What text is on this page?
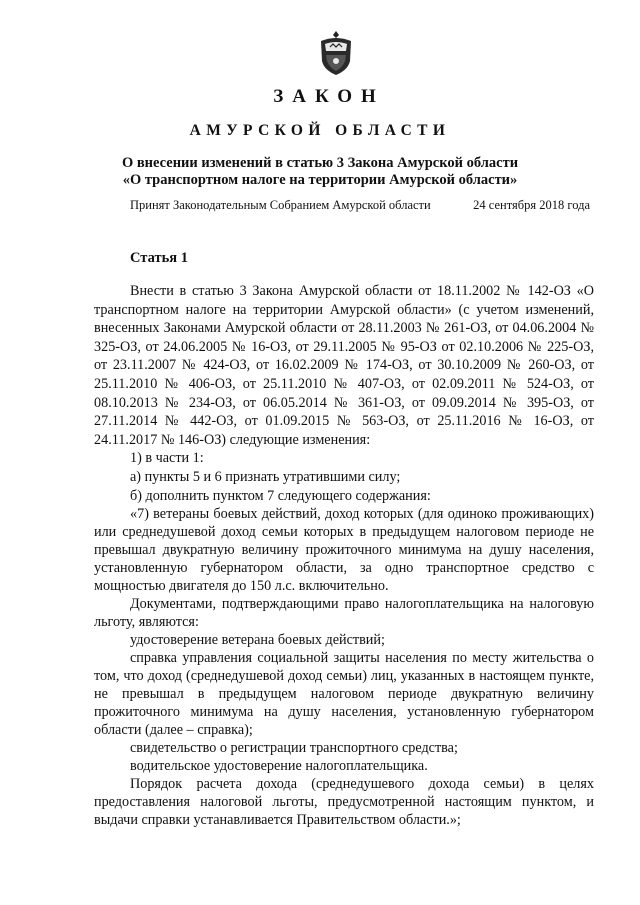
ЗАКОН
АМУРСКОЙ ОБЛАСТИ
О внесении изменений в статью 3 Закона Амурской области
«О транспортном налоге на территории Амурской области»
Принят Законодательным Собранием Амурской области	24 сентября 2018 года
Статья 1

Внести в статью 3 Закона Амурской области от 18.11.2002 № 142-ОЗ «О транспортном налоге на территории Амурской области» (с учетом изменений, внесенных Законами Амурской области от 28.11.2003 № 261-ОЗ, от 04.06.2004 № 325-ОЗ, от 24.06.2005 № 16-ОЗ, от 29.11.2005 № 95-ОЗ от 02.10.2006 № 225-ОЗ, от 23.11.2007 № 424-ОЗ, от 16.02.2009 № 174-ОЗ, от 30.10.2009 № 260-ОЗ, от 25.11.2010 № 406-ОЗ, от 25.11.2010 № 407-ОЗ, от 02.09.2011 № 524-ОЗ, от 08.10.2013 № 234-ОЗ, от 06.05.2014 № 361-ОЗ, от 09.09.2014 № 395-ОЗ, от 27.11.2014 № 442-ОЗ, от 01.09.2015 № 563-ОЗ, от 25.11.2016 № 16-ОЗ, от 24.11.2017 № 146-ОЗ) следующие изменения:

1) в части 1:

а) пункты 5 и 6 признать утратившими силу;

б) дополнить пунктом 7 следующего содержания:

«7) ветераны боевых действий, доход которых (для одиноко проживающих) или среднедушевой доход семьи которых в предыдущем налоговом периоде не превышал двукратную величину прожиточного минимума на душу населения, установленную губернатором области, за одно транспортное средство с мощностью двигателя до 150 л.с. включительно.

Документами, подтверждающими право налогоплательщика на налоговую льготу, являются:

удостоверение ветерана боевых действий;

справка управления социальной защиты населения по месту жительства о том, что доход (среднедушевой доход семьи) лиц, указанных в настоящем пункте, не превышал в предыдущем налоговом периоде двукратную величину прожиточного минимума на душу населения, установленную губернатором области (далее – справка);

свидетельство о регистрации транспортного средства;

водительское удостоверение налогоплательщика.

Порядок расчета дохода (среднедушевого дохода семьи) в целях предоставления налоговой льготы, предусмотренной настоящим пунктом, и выдачи справки устанавливается Правительством области.»;
